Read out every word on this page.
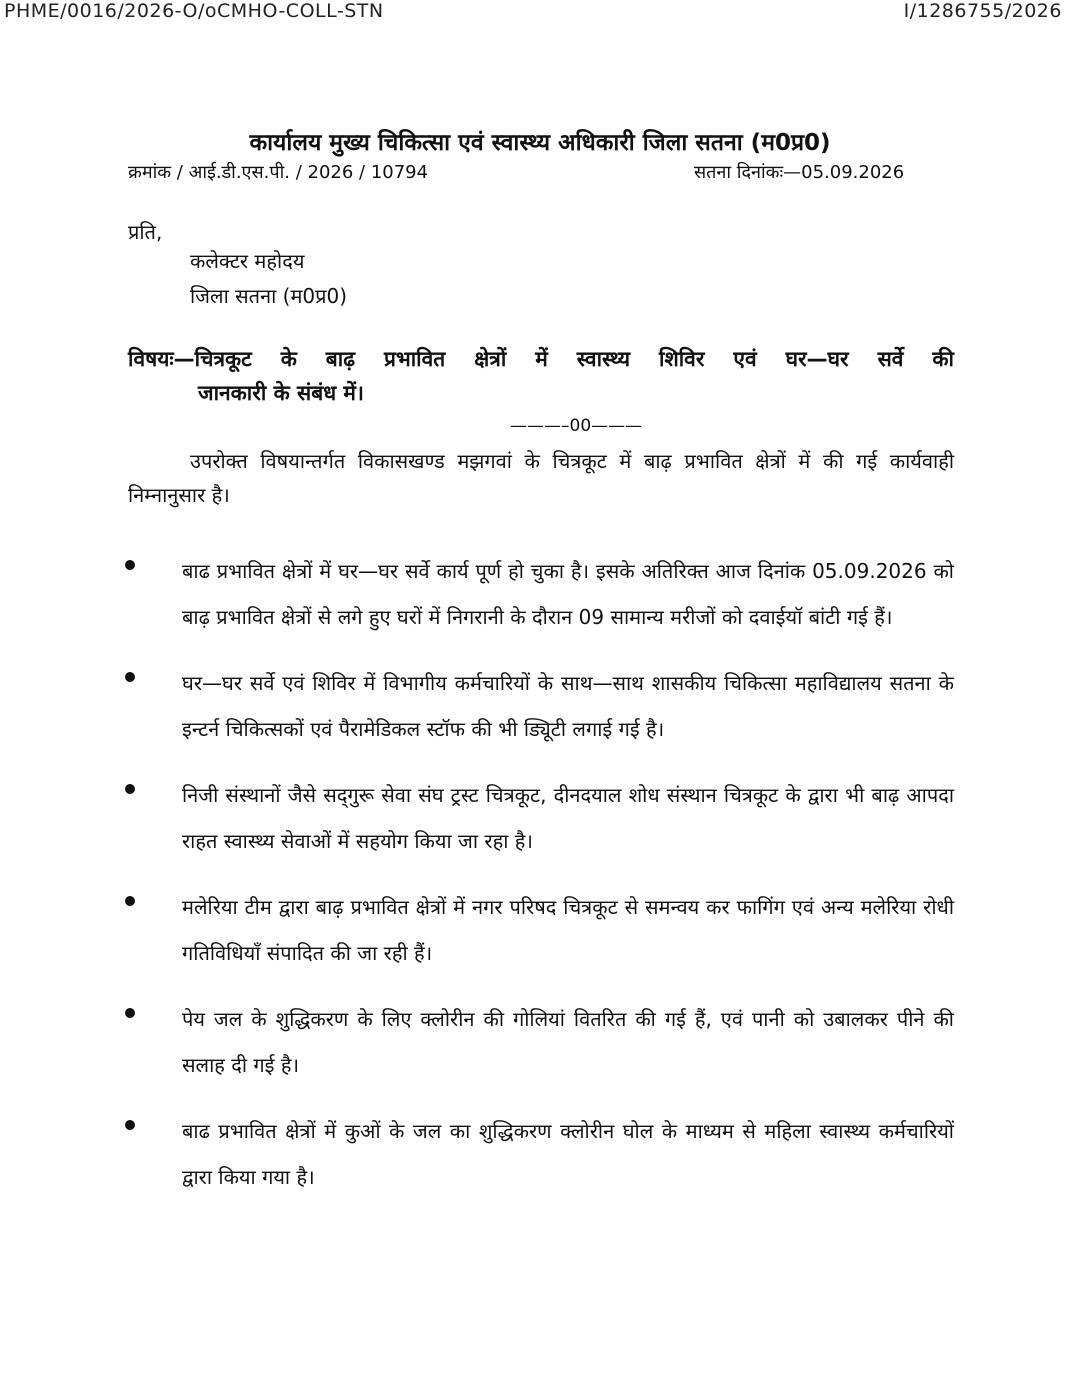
PHME/0016/2026-O/oCMHO-COLL-STN	I/1286755/2026
कार्यालय मुख्य चिकित्सा एवं स्वास्थ्य अधिकारी जिला सतना (म0प्र0)
क्रमांक / आई.डी.एस.पी. / 2026 / 10794	सतना दिनांकः—05.09.2026
प्रति,
कलेक्टर महोदय
जिला सतना (म0प्र0)
विषयः—चित्रकूट के बाढ़ प्रभावित क्षेत्रों में स्वास्थ्य शिविर एवं घर—घर सर्वे की
जानकारी के संबंध में।
———–00———
उपरोक्त विषयान्तर्गत विकासखण्ड मझगवां के चित्रकूट में बाढ़ प्रभावित क्षेत्रों में की गई कार्यवाही निम्नानुसार है।
बाढ प्रभावित क्षेत्रों में घर—घर सर्वे कार्य पूर्ण हो चुका है। इसके अतिरिक्त आज दिनांक 05.09.2026 को बाढ़ प्रभावित क्षेत्रों से लगे हुए घरों में निगरानी के दौरान 09 सामान्य मरीजों को दवाईयॉ बांटी गई हैं।
घर—घर सर्वे एवं शिविर में विभागीय कर्मचारियों के साथ—साथ शासकीय चिकित्सा महाविद्यालय सतना के इन्टर्न चिकित्सकों एवं पैरामेडिकल स्टॉफ की भी ड्यिूटी लगाई गई है।
निजी संस्थानों जैसे सद्‌गुरू सेवा संघ ट्रस्ट चित्रकूट, दीनदयाल शोध संस्थान चित्रकूट के द्वारा भी बाढ़ आपदा राहत स्वास्थ्य सेवाओं में सहयोग किया जा रहा है।
मलेरिया टीम द्वारा बाढ़ प्रभावित क्षेत्रों में नगर परिषद चित्रकूट से समन्वय कर फागिंग एवं अन्य मलेरिया रोधी गतिविधियाँ संपादित की जा रही हैं।
पेय जल के शुद्धिकरण के लिए क्लोरीन की गोलियां वितरित की गई हैं, एवं पानी को उबालकर पीने की सलाह दी गई है।
बाढ प्रभावित क्षेत्रों में कुओं के जल का शुद्धिकरण क्लोरीन घोल के माध्यम से महिला स्वास्थ्य कर्मचारियों द्वारा किया गया है।
